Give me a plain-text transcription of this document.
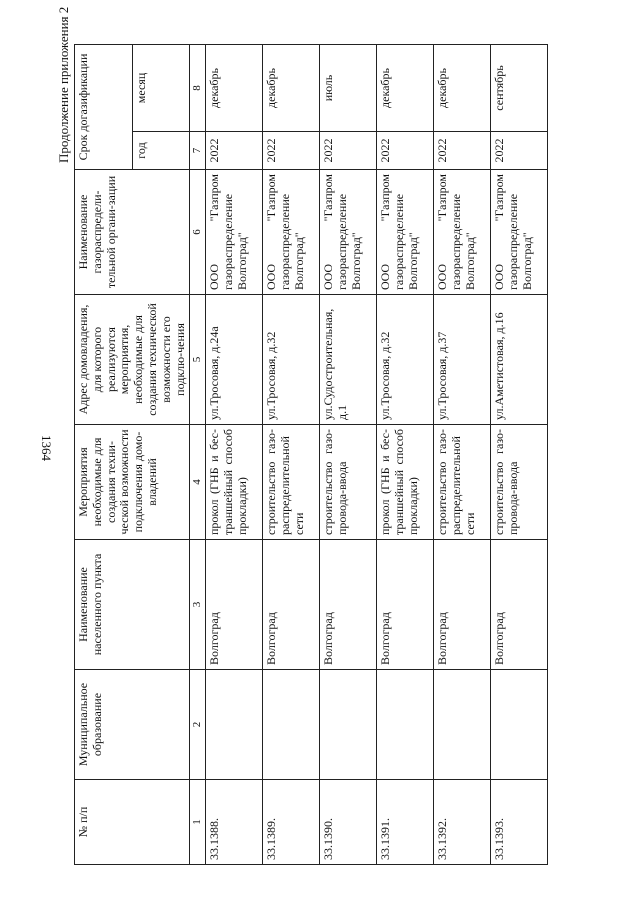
1364
Продолжение приложения 2
№ п/п	Муниципальное образование	Наименование населенного пункта	Мероприятия необходимые для создания техни-ческой возможности подключения домо-владений	Адрес домовладения, для которого реализуются мероприятия, необходимые для создания технической возможности его подклю-чения	Наименование газораспредели-тельной органи-зации	Срок догазификации	
						год	месяц
1	2	3	4	5	6	7	8
33.1388.		Волгоград	прокол (ГНБ и бес-траншейный способ прокладки)	ул.Тросовая, д.24а	ООО "Газпром газораспределение Волгоград"	2022	декабрь
33.1389.		Волгоград	строительство газо-распределительной сети	ул.Тросовая, д.32	ООО "Газпром газораспределение Волгоград"	2022	декабрь
33.1390.		Волгоград	строительство газо-провода-ввода	ул.Судостроительная, д.1	ООО "Газпром газораспределение Волгоград"	2022	июль
33.1391.		Волгоград	прокол (ГНБ и бес-траншейный способ прокладки)	ул.Тросовая, д.32	ООО "Газпром газораспределение Волгоград"	2022	декабрь
33.1392.		Волгоград	строительство газо-распределительной сети	ул.Тросовая, д.37	ООО "Газпром газораспределение Волгоград"	2022	декабрь
33.1393.		Волгоград	строительство газо-провода-ввода	ул.Аметистовая, д.16	ООО "Газпром газораспределение Волгоград"	2022	сентябрь
